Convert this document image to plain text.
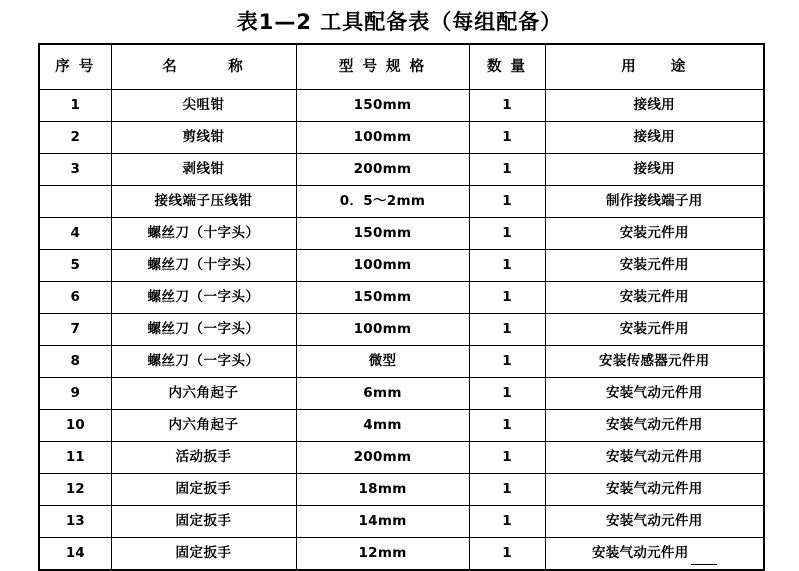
表1—2 工具配备表（每组配备）
序 号	名　　　称	型 号 规 格	数 量	用　　途
1	尖咀钳	150mm	1	接线用
2	剪线钳	100mm	1	接线用
3	剥线钳	200mm	1	接线用
	接线端子压线钳	0．5～2mm	1	制作接线端子用
4	螺丝刀（十字头）	150mm	1	安装元件用
5	螺丝刀（十字头）	100mm	1	安装元件用
6	螺丝刀（一字头）	150mm	1	安装元件用
7	螺丝刀（一字头）	100mm	1	安装元件用
8	螺丝刀（一字头）	微型	1	安装传感器元件用
9	内六角起子	6mm	1	安装气动元件用
10	内六角起子	4mm	1	安装气动元件用
11	活动扳手	200mm	1	安装气动元件用
12	固定扳手	18mm	1	安装气动元件用
13	固定扳手	14mm	1	安装气动元件用
14	固定扳手	12mm	1	安装气动元件用
